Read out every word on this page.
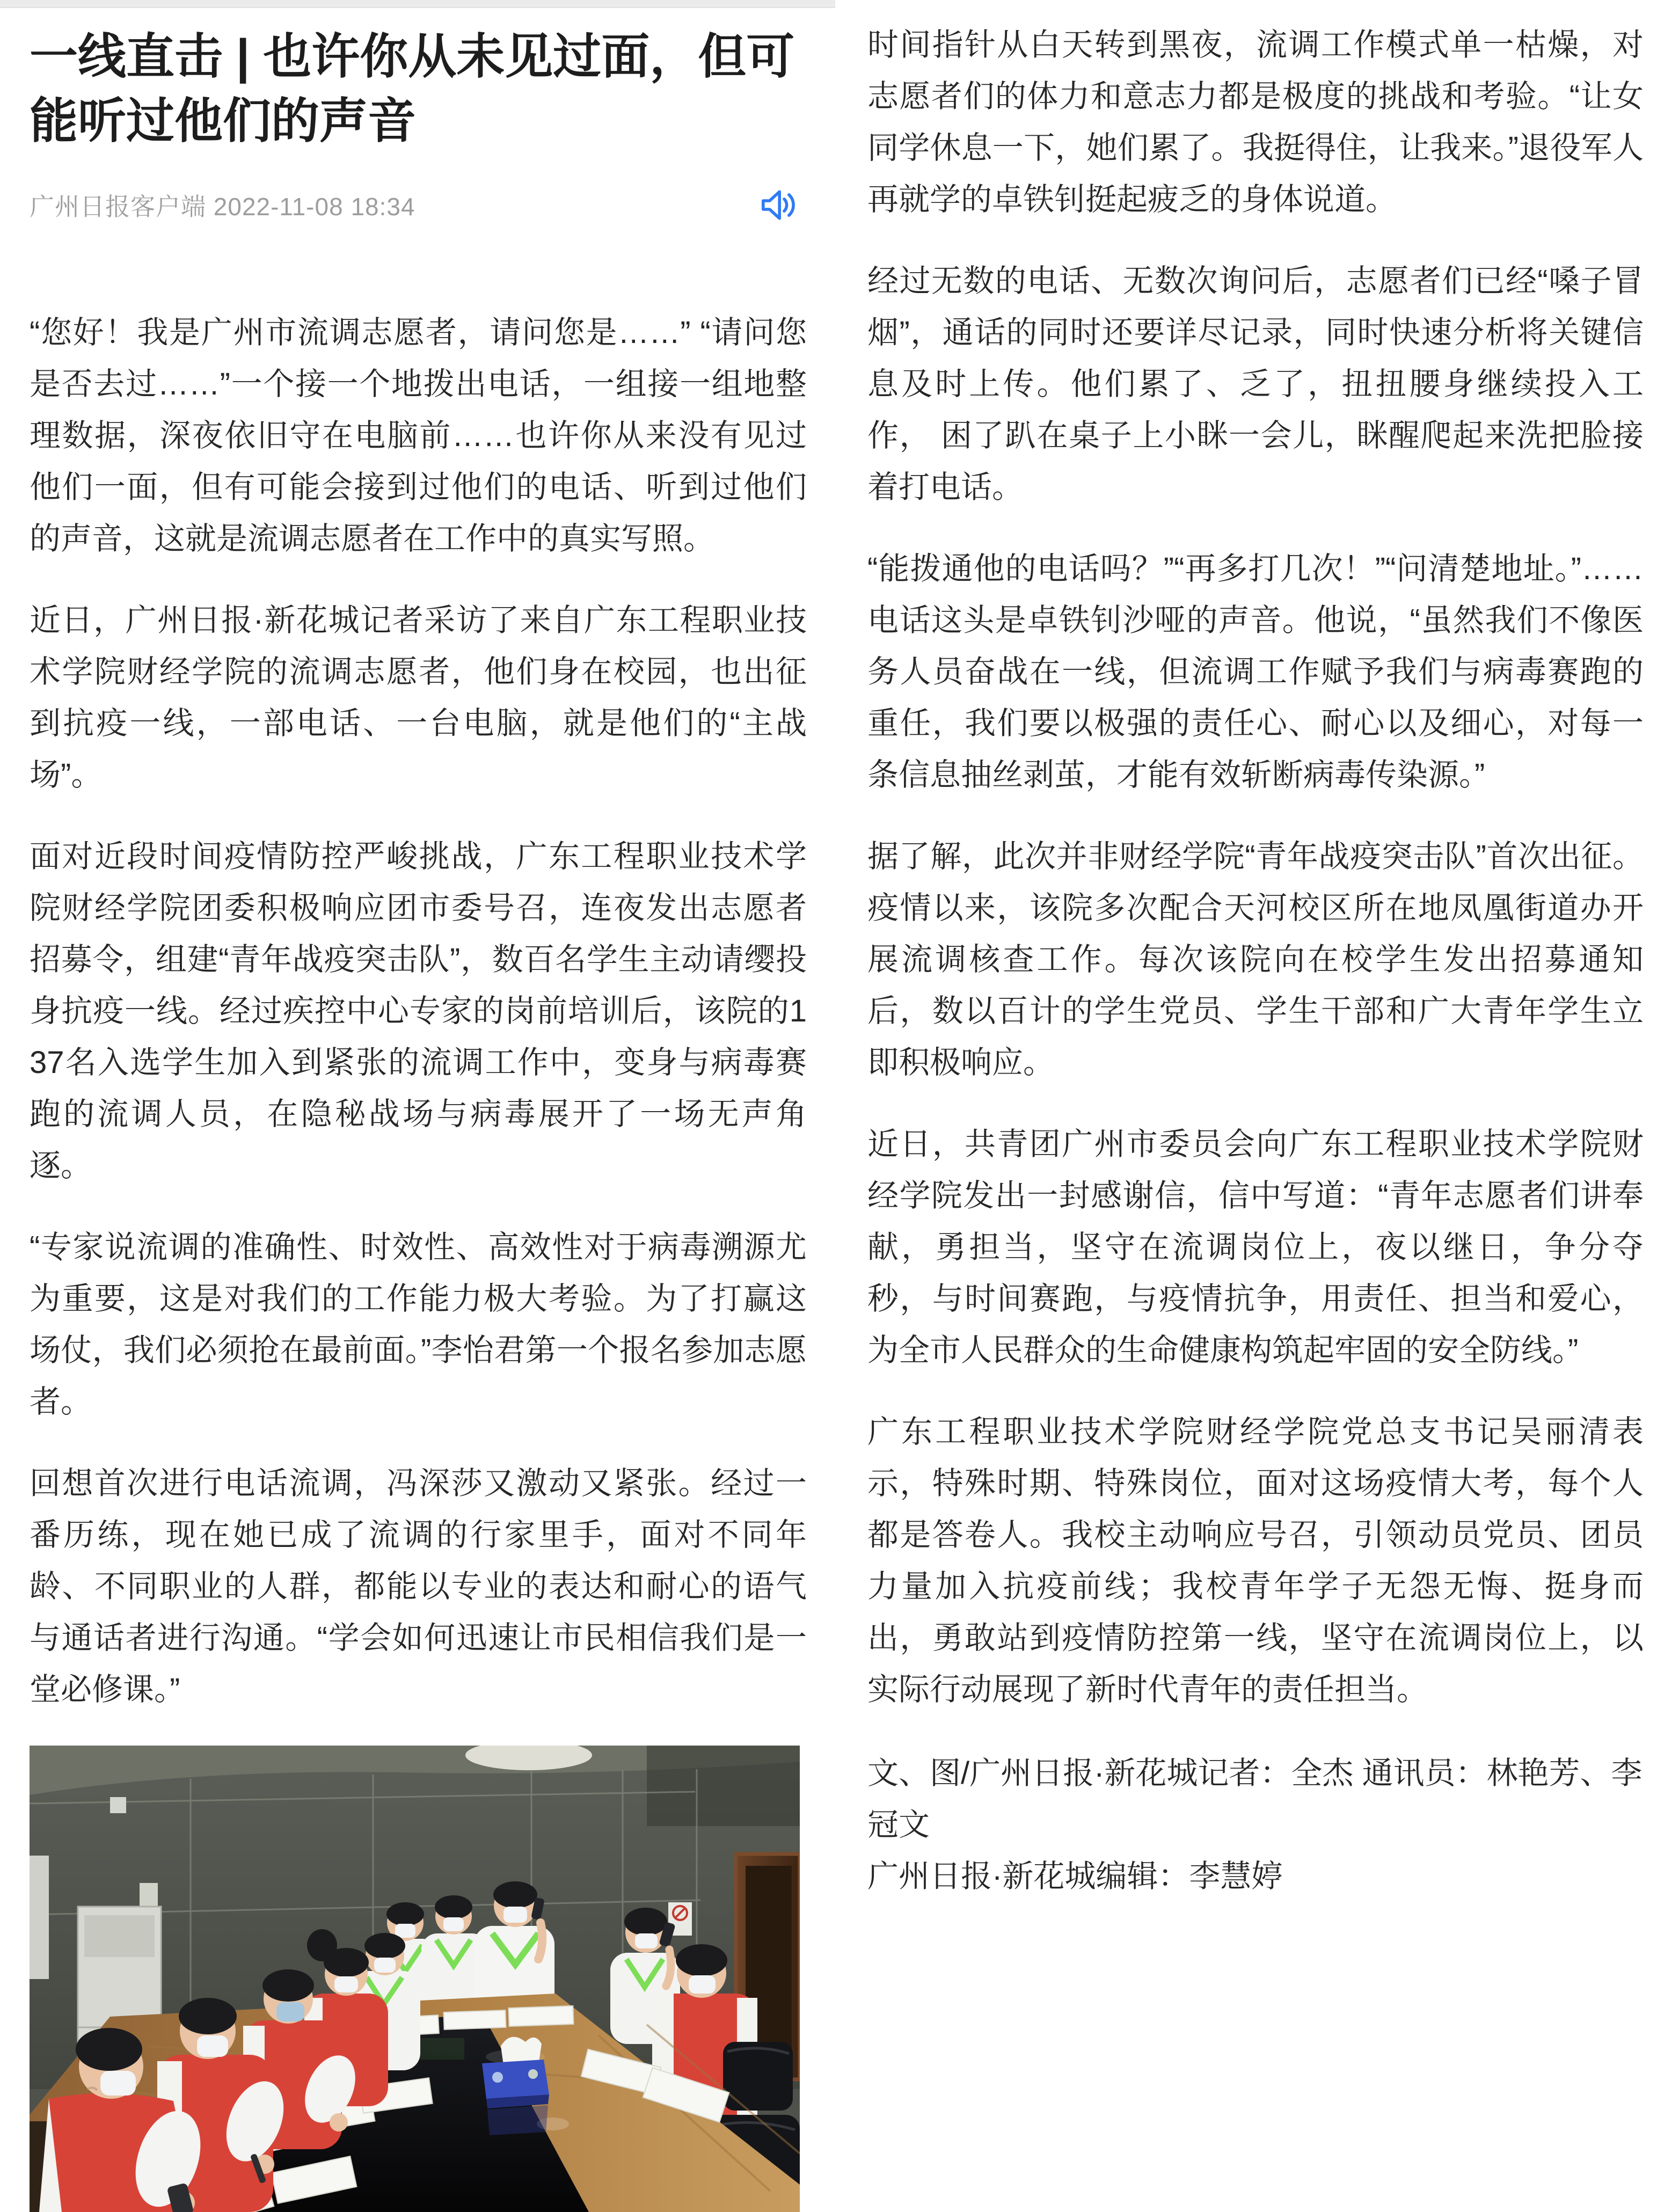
一线直击 | 也许你从未见过面，但可能听过他们的声音
广州日报客户端 2022-11-08 18:34

“您好！我是广州市流调志愿者，请问您是……” “请问您是否去过……”一个接一个地拨出电话，一组接一组地整理数据，深夜依旧守在电脑前……也许你从来没有见过他们一面，但有可能会接到过他们的电话、听到过他们的声音，这就是流调志愿者在工作中的真实写照。

近日，广州日报·新花城记者采访了来自广东工程职业技术学院财经学院的流调志愿者，他们身在校园，也出征到抗疫一线，一部电话、一台电脑，就是他们的“主战场”。

面对近段时间疫情防控严峻挑战，广东工程职业技术学院财经学院团委积极响应团市委号召，连夜发出志愿者招募令，组建“青年战疫突击队”，数百名学生主动请缨投身抗疫一线。经过疾控中心专家的岗前培训后，该院的137名入选学生加入到紧张的流调工作中，变身与病毒赛跑的流调人员，在隐秘战场与病毒展开了一场无声角逐。

“专家说流调的准确性、时效性、高效性对于病毒溯源尤为重要，这是对我们的工作能力极大考验。为了打赢这场仗，我们必须抢在最前面。”李怡君第一个报名参加志愿者。

回想首次进行电话流调，冯深莎又激动又紧张。经过一番历练，现在她已成了流调的行家里手，面对不同年龄、不同职业的人群，都能以专业的表达和耐心的语气与通话者进行沟通。“学会如何迅速让市民相信我们是一堂必修课。”

时间指针从白天转到黑夜，流调工作模式单一枯燥，对志愿者们的体力和意志力都是极度的挑战和考验。“让女同学休息一下，她们累了。我挺得住，让我来。”退役军人再就学的卓铁钊挺起疲乏的身体说道。

经过无数的电话、无数次询问后，志愿者们已经“嗓子冒烟”，通话的同时还要详尽记录，同时快速分析将关键信息及时上传。他们累了、乏了，扭扭腰身继续投入工作， 困了趴在桌子上小眯一会儿，眯醒爬起来洗把脸接着打电话。

“能拨通他的电话吗？”“再多打几次！”“问清楚地址。”……电话这头是卓铁钊沙哑的声音。他说，“虽然我们不像医务人员奋战在一线，但流调工作赋予我们与病毒赛跑的重任，我们要以极强的责任心、耐心以及细心，对每一条信息抽丝剥茧，才能有效斩断病毒传染源。”

据了解，此次并非财经学院“青年战疫突击队”首次出征。疫情以来，该院多次配合天河校区所在地凤凰街道办开展流调核查工作。每次该院向在校学生发出招募通知后，数以百计的学生党员、学生干部和广大青年学生立即积极响应。

近日，共青团广州市委员会向广东工程职业技术学院财经学院发出一封感谢信，信中写道：“青年志愿者们讲奉献，勇担当，坚守在流调岗位上，夜以继日，争分夺秒，与时间赛跑，与疫情抗争，用责任、担当和爱心，为全市人民群众的生命健康构筑起牢固的安全防线。”

广东工程职业技术学院财经学院党总支书记吴丽清表示，特殊时期、特殊岗位，面对这场疫情大考，每个人都是答卷人。我校主动响应号召，引领动员党员、团员力量加入抗疫前线；我校青年学子无怨无悔、挺身而出，勇敢站到疫情防控第一线，坚守在流调岗位上，以实际行动展现了新时代青年的责任担当。

文、图/广州日报·新花城记者：全杰 通讯员：林艳芳、李冠文

广州日报·新花城编辑：李慧婷
